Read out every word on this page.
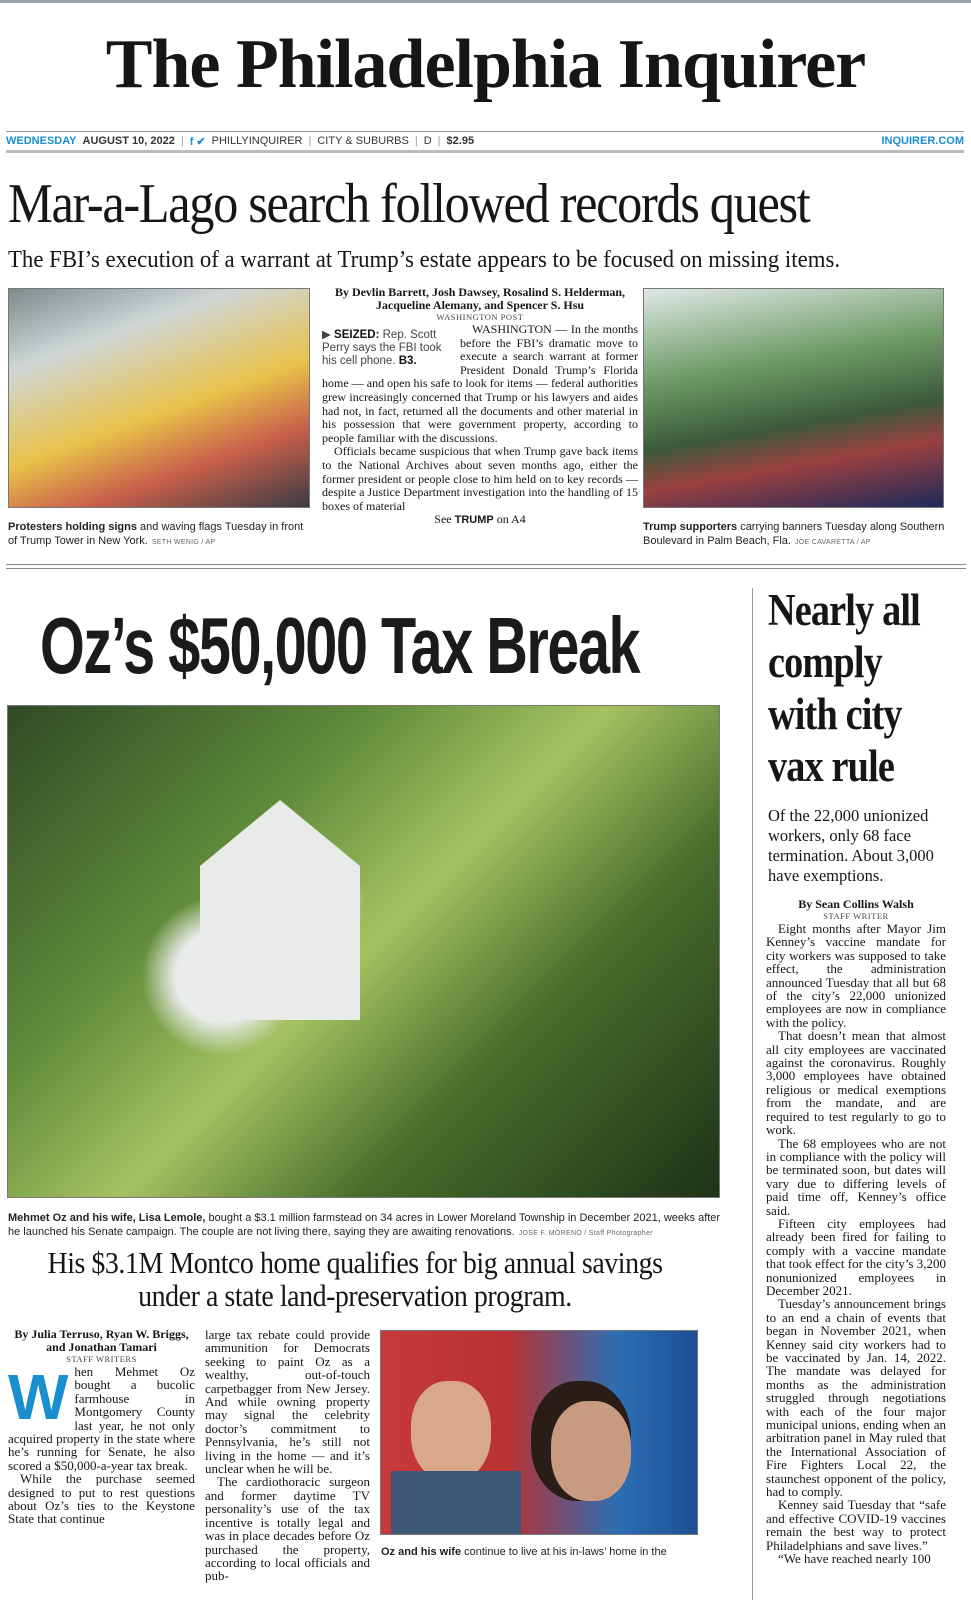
The Philadelphia Inquirer
WEDNESDAY AUGUST 10, 2022 | f ✔ PHILLYINQUIRER | CITY & SUBURBS | D | $2.95	INQUIRER.COM
Mar-a-Lago search followed records quest
The FBI’s execution of a warrant at Trump’s estate appears to be focused on missing items.
Protesters holding signs and waving flags Tuesday in front of Trump Tower in New York. SETH WENIG / AP
By Devlin Barrett, Josh Dawsey, Rosalind S. Helderman, Jacqueline Alemany, and Spencer S. Hsu
WASHINGTON POST
▶ SEIZED: Rep. Scott Perry says the FBI took his cell phone. B3.

WASHINGTON — In the months before the FBI’s dramatic move to execute a search warrant at former President Donald Trump’s Florida home — and open his safe to look for items — federal authorities grew increasingly concerned that Trump or his lawyers and aides had not, in fact, returned all the documents and other material in his possession that were government property, according to people familiar with the discussions.

Officials became suspicious that when Trump gave back items to the National Archives about seven months ago, either the former president or people close to him held on to key records — despite a Justice Department investigation into the handling of 15 boxes of material

See TRUMP on A4
Trump supporters carrying banners Tuesday along Southern Boulevard in Palm Beach, Fla. JOE CAVARETTA / AP
Oz’s $50,000 Tax Break
Mehmet Oz and his wife, Lisa Lemole, bought a $3.1 million farmstead on 34 acres in Lower Moreland Township in December 2021, weeks after he launched his Senate campaign. The couple are not living there, saying they are awaiting renovations. JOSE F. MORENO / Staff Photographer
His $3.1M Montco home qualifies for big annual savings under a state land-preservation program.
By Julia Terruso, Ryan W. Briggs, and Jonathan Tamari
STAFF WRITERS

When Mehmet Oz bought a bucolic farmhouse in Montgomery County last year, he not only acquired property in the state where he’s running for Senate, he also scored a $50,000-a-year tax break.

While the purchase seemed designed to put to rest questions about Oz’s ties to the Keystone State that continue

large tax rebate could provide ammunition for Democrats seeking to paint Oz as a wealthy, out-of-touch carpetbagger from New Jersey. And while owning property may signal the celebrity doctor’s commitment to Pennsylvania, he’s still not living in the home — and it’s unclear when he will be.

The cardiothoracic surgeon and former daytime TV personality’s use of the tax incentive is totally legal and was in place decades before Oz purchased the property, according to local officials and pub-

Oz and his wife continue to live at his in-laws’ home in the
Nearly all comply with city vax rule
Of the 22,000 unionized workers, only 68 face termination. About 3,000 have exemptions.
By Sean Collins Walsh
STAFF WRITER

Eight months after Mayor Jim Kenney’s vaccine mandate for city workers was supposed to take effect, the administration announced Tuesday that all but 68 of the city’s 22,000 unionized employees are now in compliance with the policy.

That doesn’t mean that almost all city employees are vaccinated against the coronavirus. Roughly 3,000 employees have obtained religious or medical exemptions from the mandate, and are required to test regularly to go to work.

The 68 employees who are not in compliance with the policy will be terminated soon, but dates will vary due to differing levels of paid time off, Kenney’s office said.

Fifteen city employees had already been fired for failing to comply with a vaccine mandate that took effect for the city’s 3,200 nonunionized employees in December 2021.

Tuesday’s announcement brings to an end a chain of events that began in November 2021, when Kenney said city workers had to be vaccinated by Jan. 14, 2022. The mandate was delayed for months as the administration struggled through negotiations with each of the four major municipal unions, ending when an arbitration panel in May ruled that the International Association of Fire Fighters Local 22, the staunchest opponent of the policy, had to comply.

Kenney said Tuesday that “safe and effective COVID-19 vaccines remain the best way to protect Philadelphians and save lives.”

“We have reached nearly 100
